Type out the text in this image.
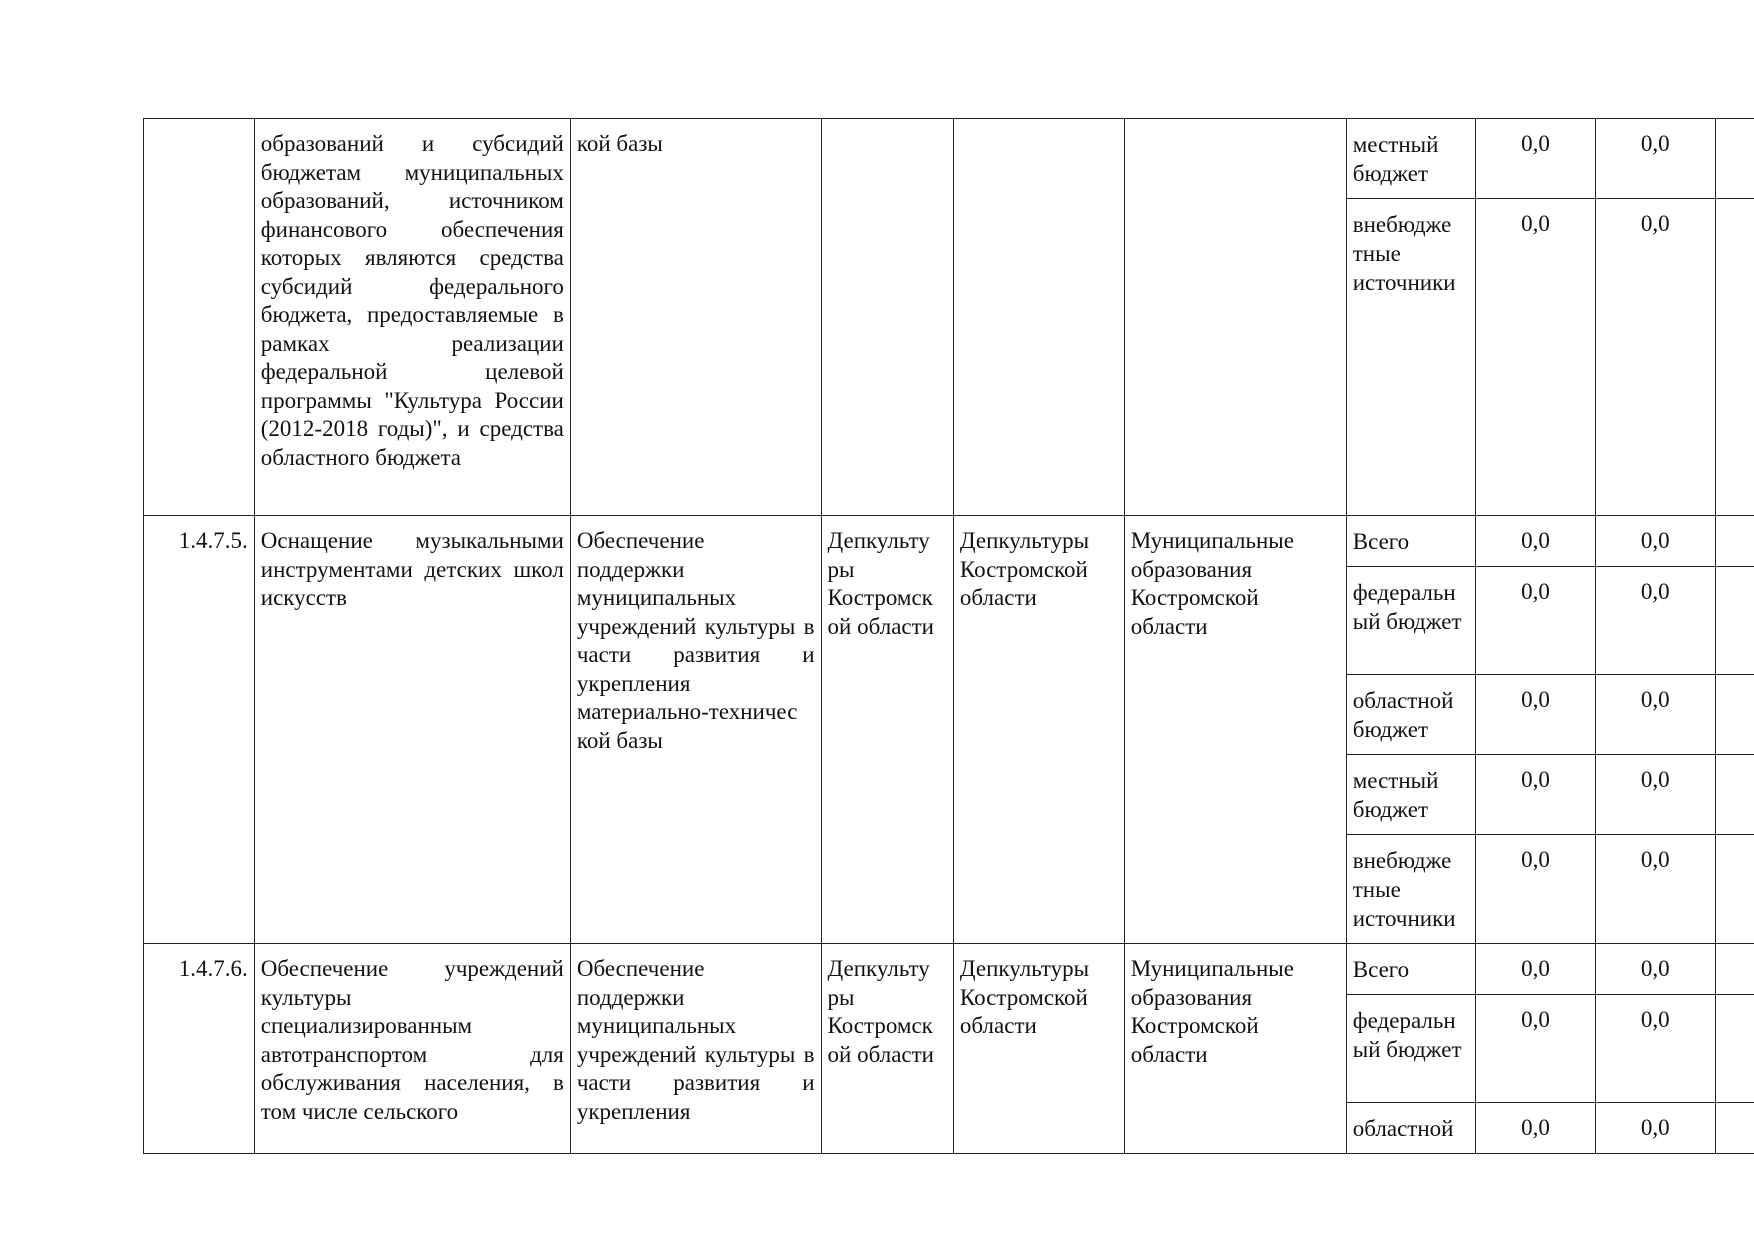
	образований и субсидий бюджетам муниципальных образований, источником финансового обеспечения которых являются средства субсидий федерального бюджета, предоставляемые в рамках реализации федеральной целевой программы "Культура России (2012-2018 годы)", и средства областного бюджета	кой базы				местный бюджет	0,0	0,0	
						внебюдже тные источники	0,0	0,0	
1.4.7.5.	Оснащение музыкальными инструментами детских школ искусств	Обеспечение поддержки муниципальных учреждений культуры в части развития и укрепления материально-техничес кой базы	Депкульту ры Костромск ой области	Депкультуры Костромской области	Муниципальные образования Костромской области	Всего	0,0	0,0	
						федеральн ый бюджет	0,0	0,0	
						областной бюджет	0,0	0,0	
						местный бюджет	0,0	0,0	
						внебюдже тные источники	0,0	0,0	
1.4.7.6.	Обеспечение учреждений культуры специализированным автотранспортом для обслуживания населения, в том числе сельского	Обеспечение поддержки муниципальных учреждений культуры в части развития и укрепления	Депкульту ры Костромск ой области	Депкультуры Костромской области	Муниципальные образования Костромской области	Всего	0,0	0,0	
						федеральн ый бюджет	0,0	0,0	
						областной	0,0	0,0	
